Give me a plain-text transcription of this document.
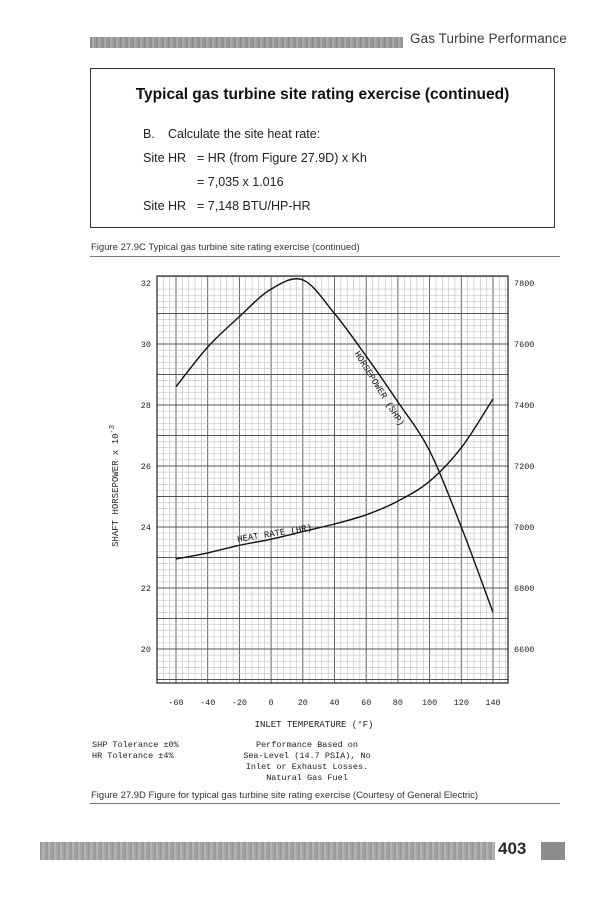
Gas Turbine Performance
Typical gas turbine site rating exercise (continued)
B. Calculate the site heat rate:
Site HR = HR (from Figure 27.9D) x Kh
= 7,035 x 1.016
Site HR = 7,148 BTU/HP-HR
Figure 27.9C Typical gas turbine site rating exercise (continued)
-60 -40 -20	0	20	40	60	80 100 120 140
20
22
24
26
28
30
32
6600
6800
7000
7200
7400
7600
7800
HORSEPOWER (SHP)
HEAT RATE (HR)
SHAFT HORSEPOWER x $10^{-3}$
INLET TEMPERATURE (°F)
SHP Tolerance ±0%
HR Tolerance ±4%
Performance Based on
Sea-Level (14.7 PSIA), No
Inlet or Exhaust Losses.
Natural Gas Fuel
Figure 27.9D Figure for typical gas turbine site rating exercise (Courtesy of General Electric)
403
